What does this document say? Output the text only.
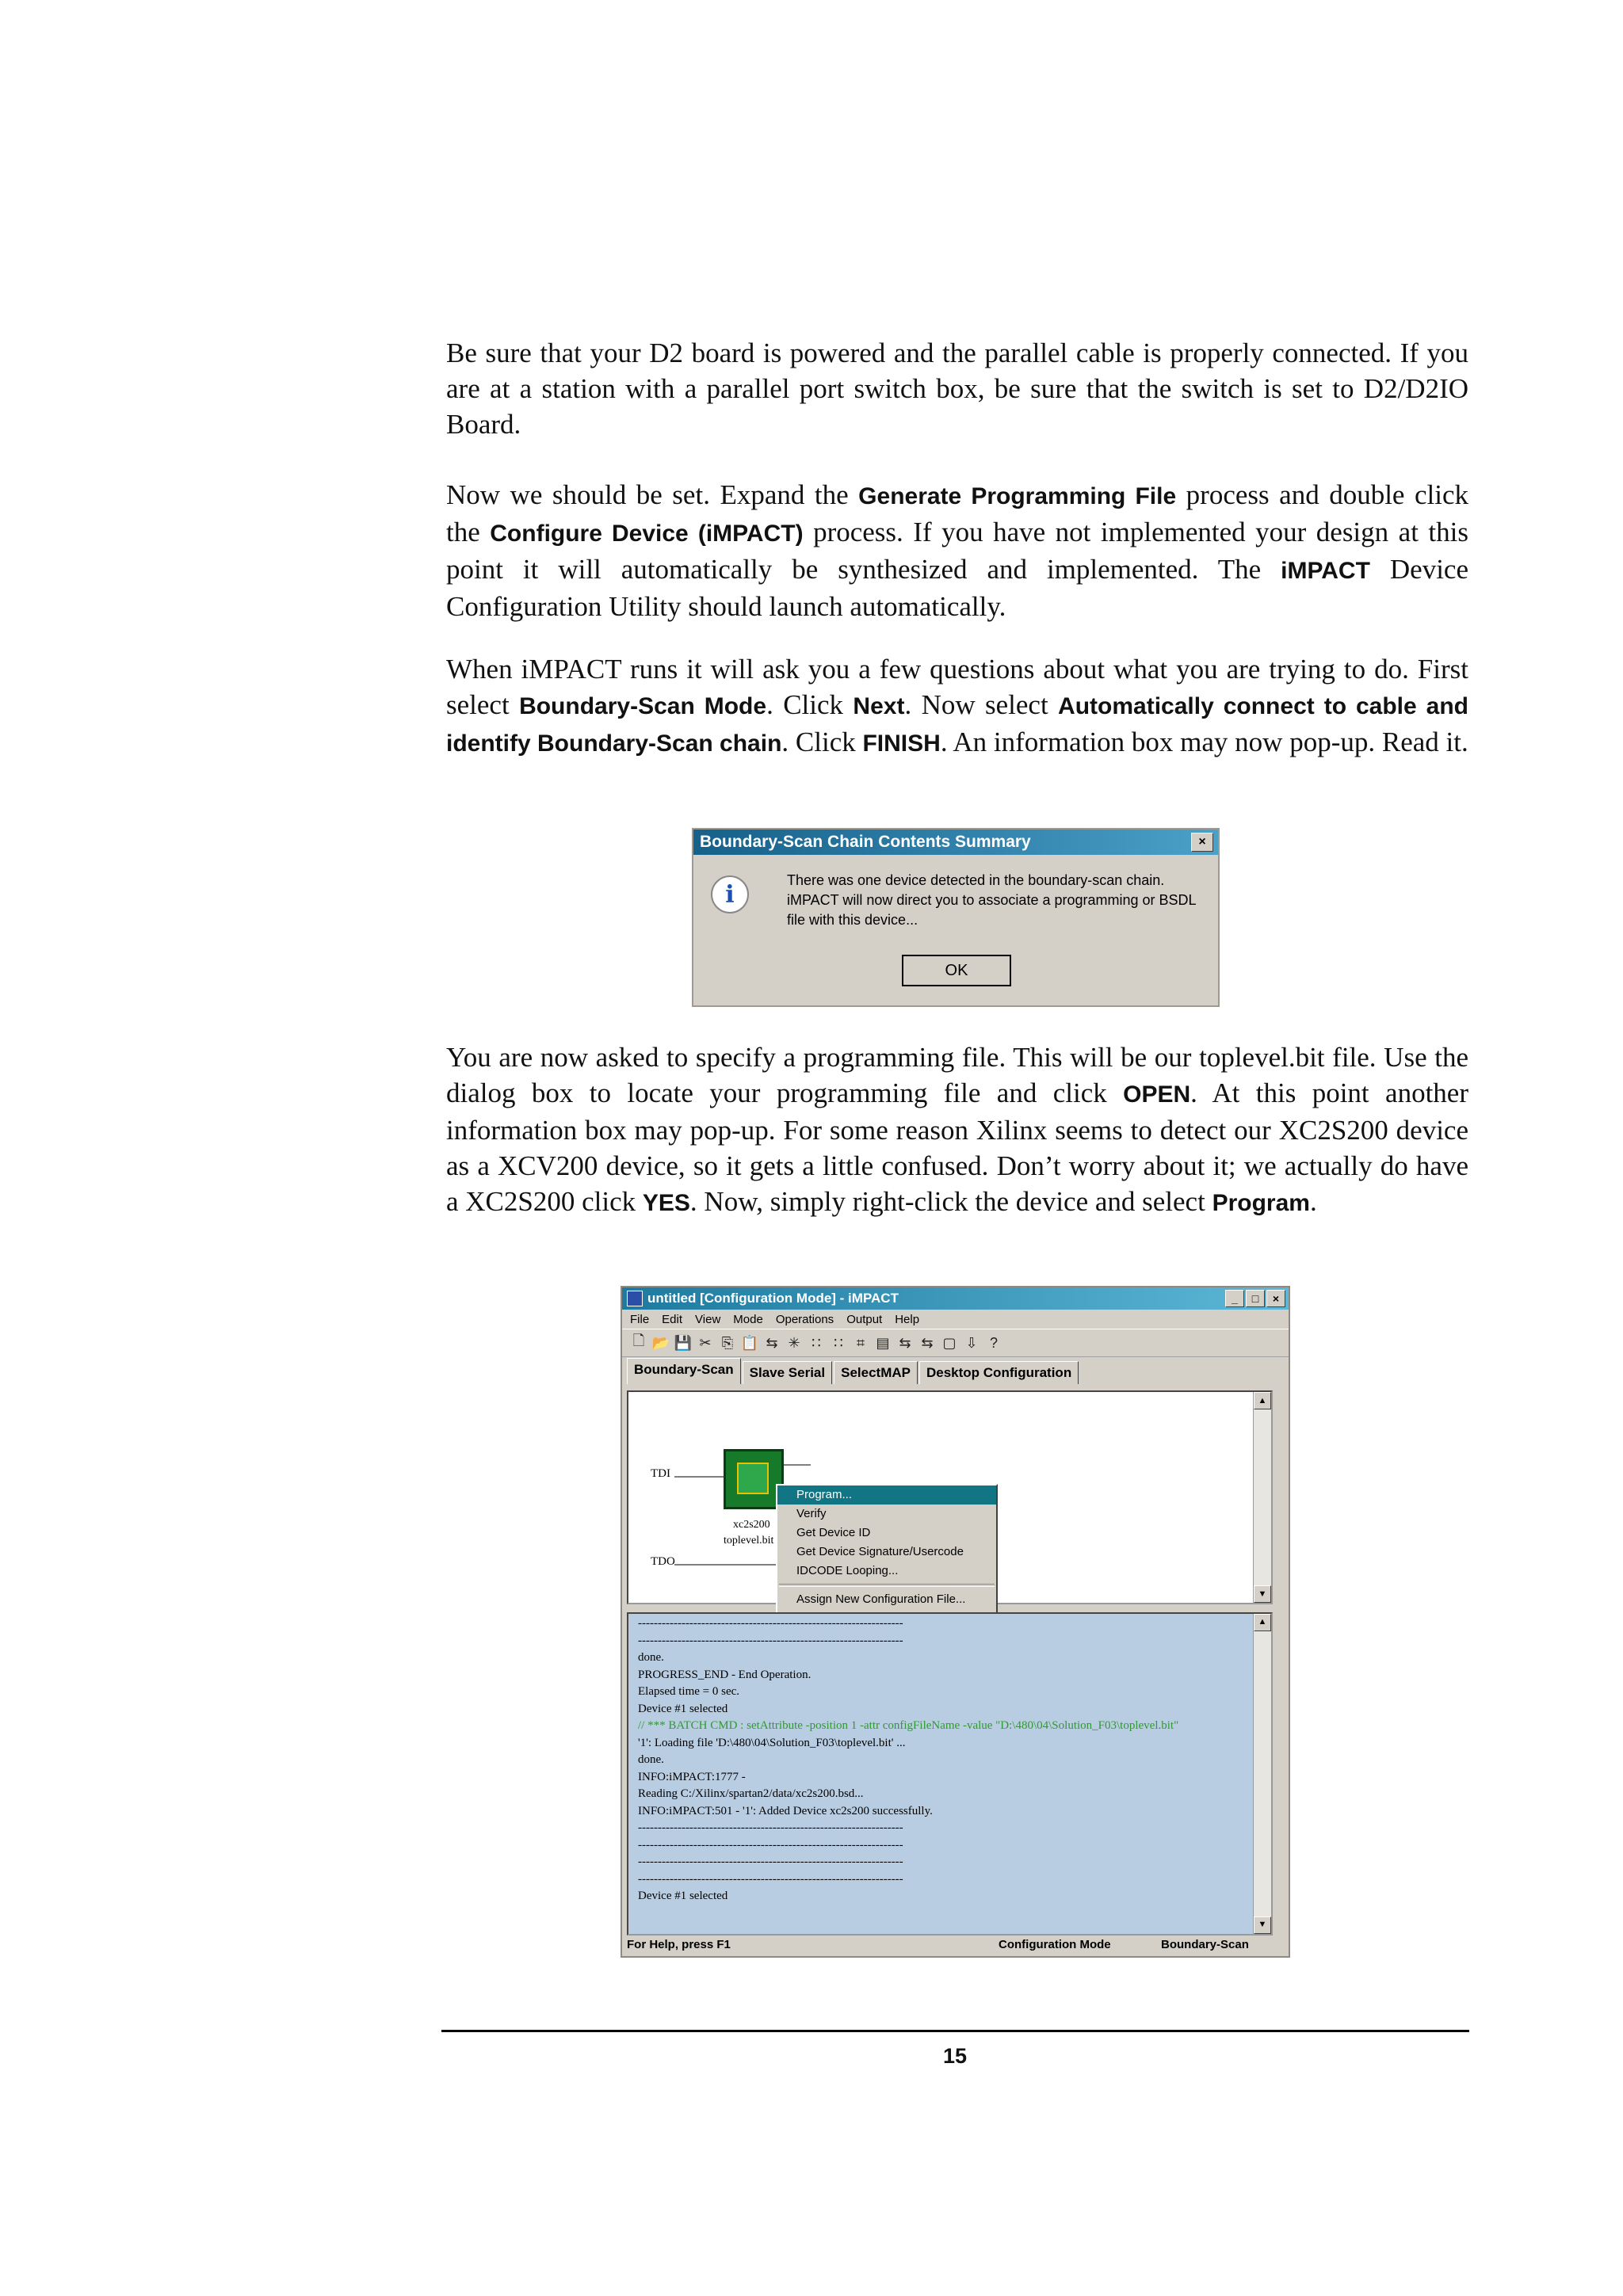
Be sure that your D2 board is powered and the parallel cable is properly connected. If you are at a station with a parallel port switch box, be sure that the switch is set to D2/D2IO Board.

Now we should be set. Expand the Generate Programming File process and double click the Configure Device (iMPACT) process. If you have not implemented your design at this point it will automatically be synthesized and implemented. The iMPACT Device Configuration Utility should launch automatically.

When iMPACT runs it will ask you a few questions about what you are trying to do. First select Boundary-Scan Mode. Click Next. Now select Automatically connect to cable and identify Boundary-Scan chain. Click FINISH. An information box may now pop-up. Read it.

Boundary-Scan Chain Contents Summary	×
i
There was one device detected in the boundary-scan chain. iMPACT will now direct you to associate a programming or BSDL file with this device...
OK

You are now asked to specify a programming file. This will be our toplevel.bit file. Use the dialog box to locate your programming file and click OPEN. At this point another information box may pop-up. For some reason Xilinx seems to detect our XC2S200 device as a XCV200 device, so it gets a little confused. Don’t worry about it; we actually do have a XC2S200 click YES. Now, simply right-click the device and select Program.

untitled [Configuration Mode] - iMPACT	_	□	×
File Edit View Mode Operations Output Help
🗋 📂 💾 ✂ ⎘ 📋 ⇆ ✳ ∷ ∷ ⌗ ▤ ⇆ ⇆ ▢ ⇩ ?
Boundary-Scan	Slave Serial	SelectMAP	Desktop Configuration
TDI
TDO
xc2s200
toplevel.bit
▲
▼
Program...
Verify
Get Device ID
Get Device Signature/Usercode
IDCODE Looping...
Assign New Configuration File...
-------------------------------------------------------------------
-------------------------------------------------------------------
done.
PROGRESS_END - End Operation.
Elapsed time = 0 sec.
Device #1 selected
// *** BATCH CMD : setAttribute -position 1 -attr configFileName -value "D:\480\04\Solution_F03\toplevel.bit"
'1': Loading file 'D:\480\04\Solution_F03\toplevel.bit' ...
done.
INFO:iMPACT:1777 -
Reading C:/Xilinx/spartan2/data/xc2s200.bsd...
INFO:iMPACT:501 - '1': Added Device xc2s200 successfully.
-------------------------------------------------------------------
-------------------------------------------------------------------
-------------------------------------------------------------------
-------------------------------------------------------------------
Device #1 selected
▲
▼
For Help, press F1	Configuration Mode	Boundary-Scan
15
